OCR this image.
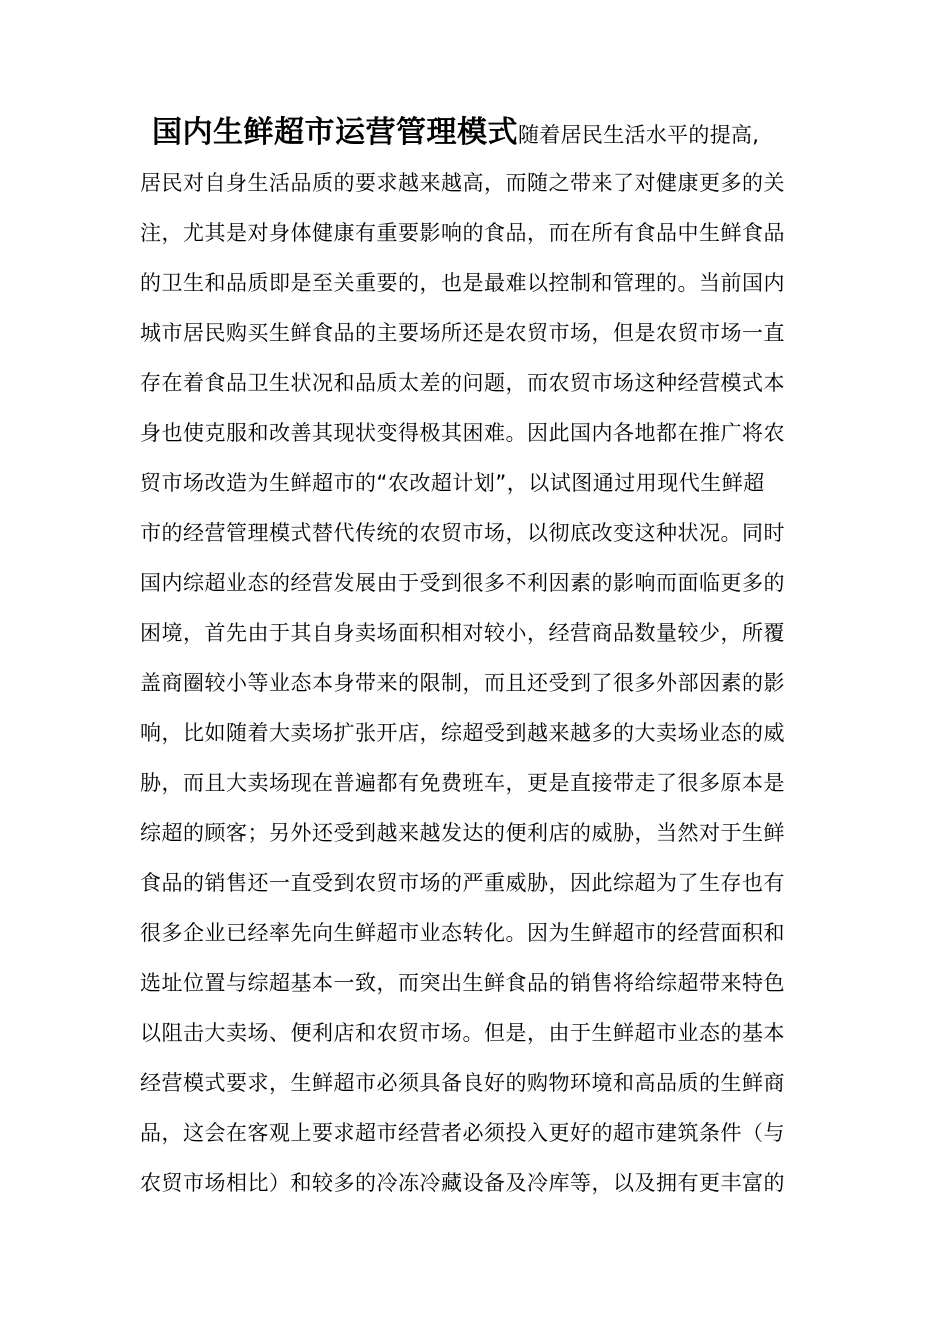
国内生鲜超市运营管理模式随着居民生活水平的提高,
居民对自身生活品质的要求越来越高，而随之带来了对健康更多的关
注，尤其是对身体健康有重要影响的食品，而在所有食品中生鲜食品
的卫生和品质即是至关重要的，也是最难以控制和管理的。当前国内
城市居民购买生鲜食品的主要场所还是农贸市场，但是农贸市场一直
存在着食品卫生状况和品质太差的问题，而农贸市场这种经营模式本
身也使克服和改善其现状变得极其困难。因此国内各地都在推广将农
贸市场改造为生鲜超市的“农改超计划”，以试图通过用现代生鲜超
市的经营管理模式替代传统的农贸市场，以彻底改变这种状况。同时
国内综超业态的经营发展由于受到很多不利因素的影响而面临更多的
困境，首先由于其自身卖场面积相对较小，经营商品数量较少，所覆
盖商圈较小等业态本身带来的限制，而且还受到了很多外部因素的影
响，比如随着大卖场扩张开店，综超受到越来越多的大卖场业态的威
胁，而且大卖场现在普遍都有免费班车，更是直接带走了很多原本是
综超的顾客；另外还受到越来越发达的便利店的威胁，当然对于生鲜
食品的销售还一直受到农贸市场的严重威胁，因此综超为了生存也有
很多企业已经率先向生鲜超市业态转化。因为生鲜超市的经营面积和
选址位置与综超基本一致，而突出生鲜食品的销售将给综超带来特色
以阻击大卖场、便利店和农贸市场。但是，由于生鲜超市业态的基本
经营模式要求，生鲜超市必须具备良好的购物环境和高品质的生鲜商
品，这会在客观上要求超市经营者必须投入更好的超市建筑条件（与
农贸市场相比）和较多的冷冻冷藏设备及冷库等，以及拥有更丰富的
